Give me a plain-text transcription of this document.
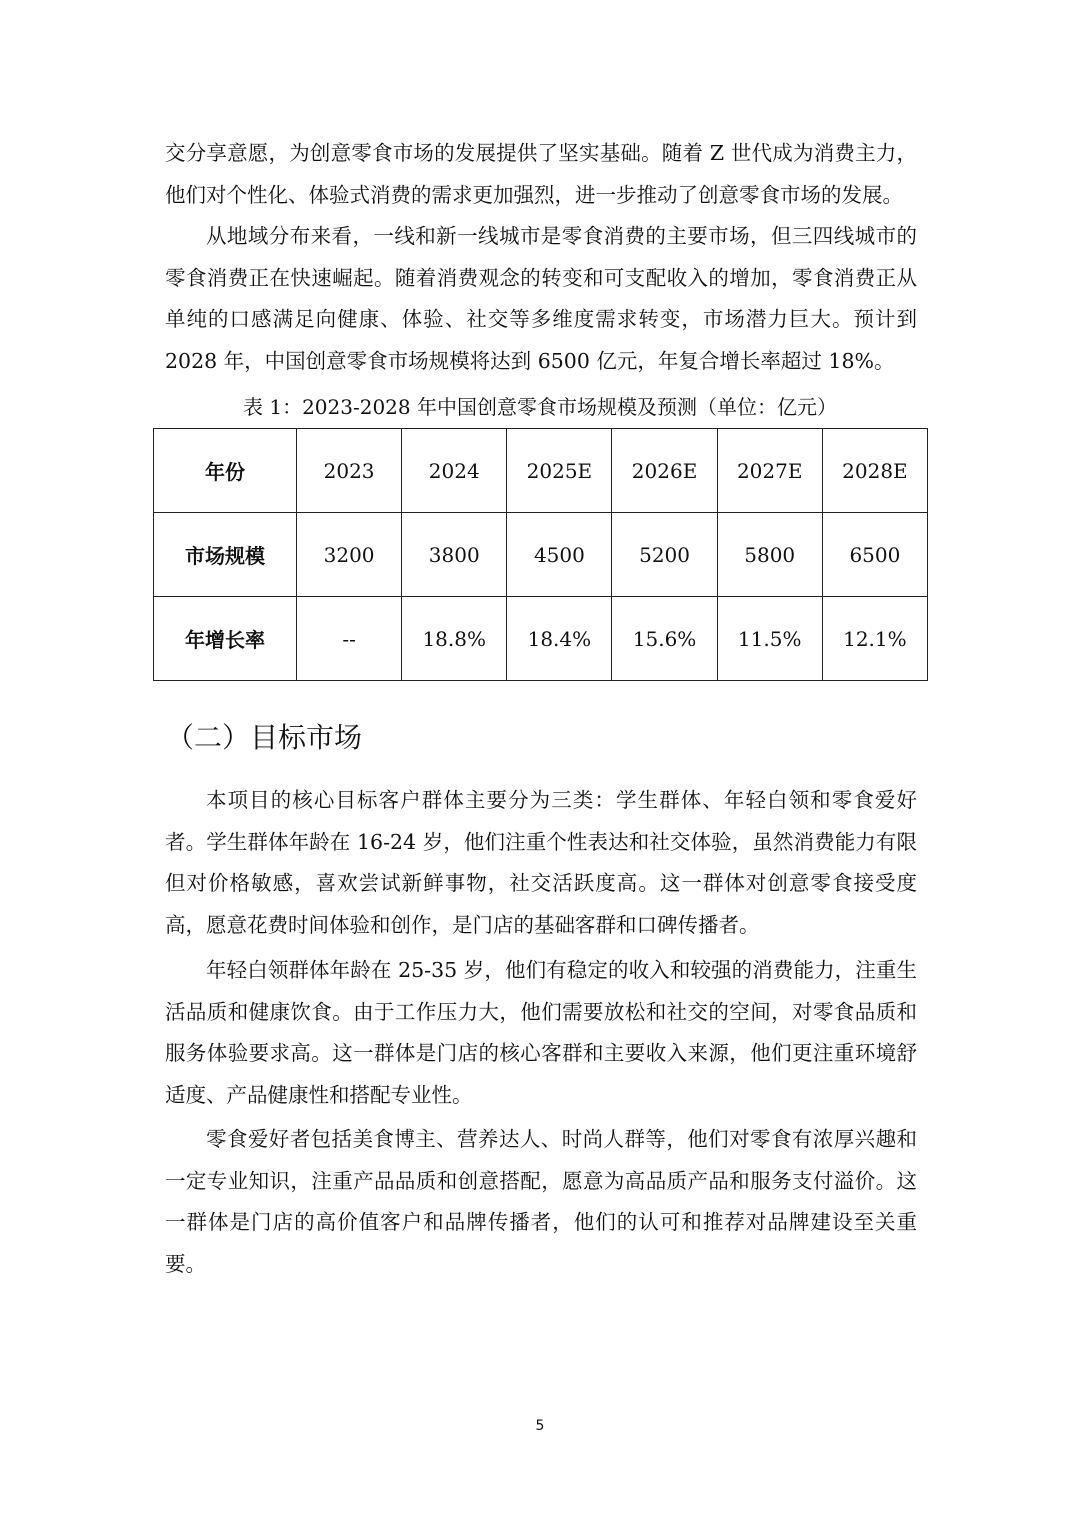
交分享意愿，为创意零食市场的发展提供了坚实基础。随着 Z 世代成为消费主力，他们对个性化、体验式消费的需求更加强烈，进一步推动了创意零食市场的发展。

从地域分布来看，一线和新一线城市是零食消费的主要市场，但三四线城市的零食消费正在快速崛起。随着消费观念的转变和可支配收入的增加，零食消费正从单纯的口感满足向健康、体验、社交等多维度需求转变，市场潜力巨大。预计到 2028 年，中国创意零食市场规模将达到 6500 亿元，年复合增长率超过 18%。

表 1：2023-2028 年中国创意零食市场规模及预测（单位：亿元）
年份	2023	2024	2025E	2026E	2027E	2028E
市场规模	3200	3800	4500	5200	5800	6500
年增长率	--	18.8%	18.4%	15.6%	11.5%	12.1%
（二）目标市场

本项目的核心目标客户群体主要分为三类：学生群体、年轻白领和零食爱好者。学生群体年龄在 16-24 岁，他们注重个性表达和社交体验，虽然消费能力有限但对价格敏感，喜欢尝试新鲜事物，社交活跃度高。这一群体对创意零食接受度高，愿意花费时间体验和创作，是门店的基础客群和口碑传播者。

年轻白领群体年龄在 25-35 岁，他们有稳定的收入和较强的消费能力，注重生活品质和健康饮食。由于工作压力大，他们需要放松和社交的空间，对零食品质和服务体验要求高。这一群体是门店的核心客群和主要收入来源，他们更注重环境舒适度、产品健康性和搭配专业性。

零食爱好者包括美食博主、营养达人、时尚人群等，他们对零食有浓厚兴趣和一定专业知识，注重产品品质和创意搭配，愿意为高品质产品和服务支付溢价。这一群体是门店的高价值客户和品牌传播者，他们的认可和推荐对品牌建设至关重要。

5
